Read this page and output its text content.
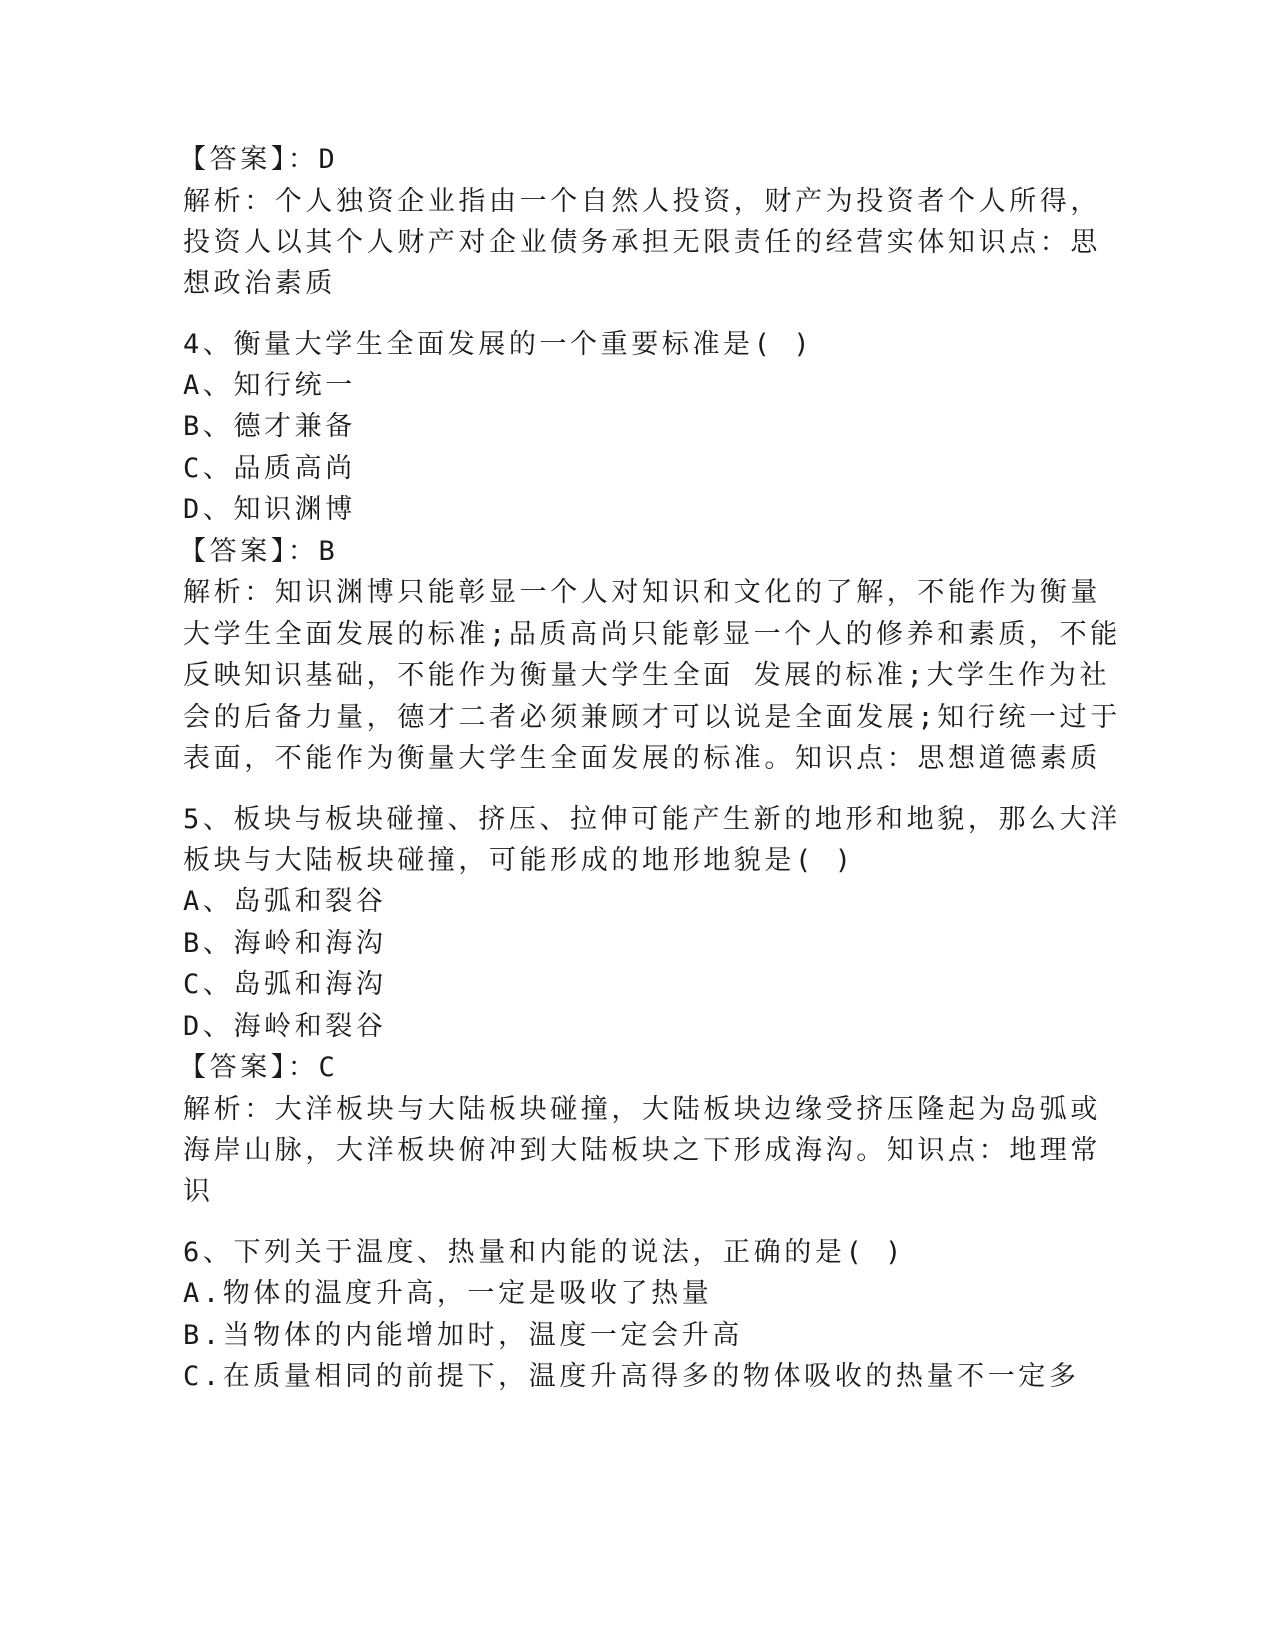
【答案】：D
解析：个人独资企业指由一个自然人投资，财产为投资者个人所得，
投资人以其个人财产对企业债务承担无限责任的经营实体知识点：思
想政治素质
4、衡量大学生全面发展的一个重要标准是( )
A、知行统一
B、德才兼备
C、品质高尚
D、知识渊博
【答案】：B
解析：知识渊博只能彰显一个人对知识和文化的了解，不能作为衡量
大学生全面发展的标准;品质高尚只能彰显一个人的修养和素质，不能
反映知识基础，不能作为衡量大学生全面 发展的标准;大学生作为社
会的后备力量，德才二者必须兼顾才可以说是全面发展;知行统一过于
表面，不能作为衡量大学生全面发展的标准。知识点：思想道德素质
5、板块与板块碰撞、挤压、拉伸可能产生新的地形和地貌，那么大洋
板块与大陆板块碰撞，可能形成的地形地貌是( )
A、岛弧和裂谷
B、海岭和海沟
C、岛弧和海沟
D、海岭和裂谷
【答案】：C
解析：大洋板块与大陆板块碰撞，大陆板块边缘受挤压隆起为岛弧或
海岸山脉，大洋板块俯冲到大陆板块之下形成海沟。知识点：地理常
识
6、下列关于温度、热量和内能的说法，正确的是( )
A.物体的温度升高，一定是吸收了热量
B.当物体的内能增加时，温度一定会升高
C.在质量相同的前提下，温度升高得多的物体吸收的热量不一定多
